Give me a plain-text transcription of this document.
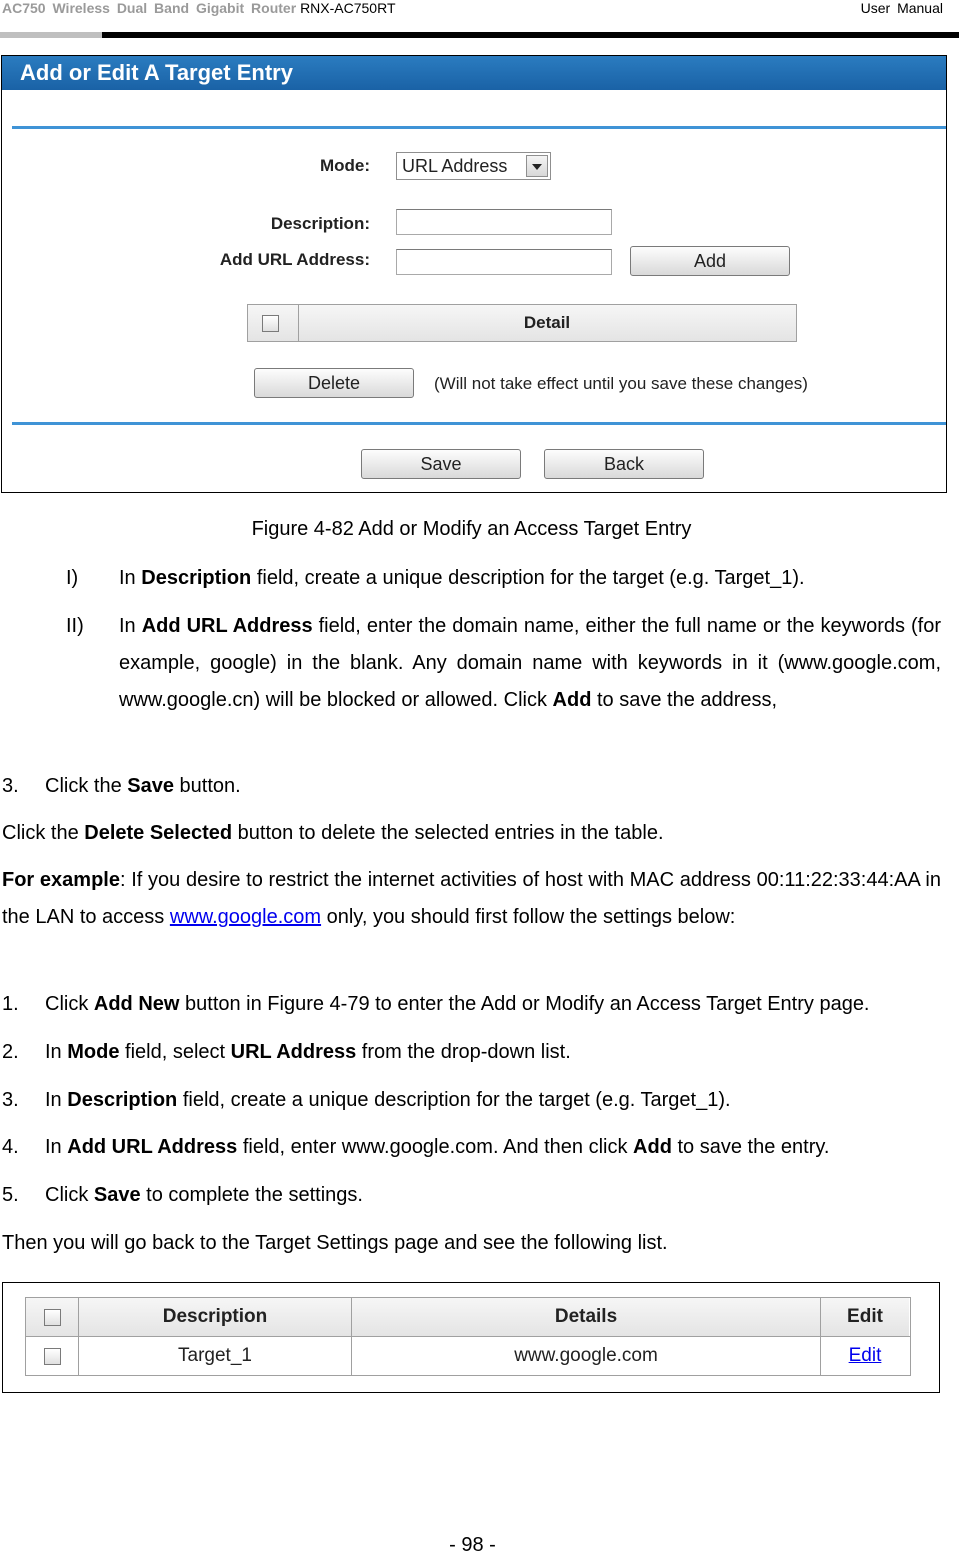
AC750 Wireless Dual Band Gigabit Router RNX-AC750RT	User Manual
Add or Edit A Target Entry
Mode:	URL Address
Description:
Add URL Address:	Add
Detail
Delete	(Will not take effect until you save these changes)
Save	Back
Figure 4-82 Add or Modify an Access Target Entry
I) In Description field, create a unique description for the target (e.g. Target_1).
II) In Add URL Address field, enter the domain name, either the full name or the keywords (for example, google) in the blank. Any domain name with keywords in it (www.google.com, www.google.cn) will be blocked or allowed. Click Add to save the address,
3. Click the Save button.
Click the Delete Selected button to delete the selected entries in the table.
For example: If you desire to restrict the internet activities of host with MAC address 00:11:22:33:44:AA in the LAN to access www.google.com only, you should first follow the settings below:
1. Click Add New button in Figure 4-79 to enter the Add or Modify an Access Target Entry page.
2. In Mode field, select URL Address from the drop-down list.
3. In Description field, create a unique description for the target (e.g. Target_1).
4. In Add URL Address field, enter www.google.com. And then click Add to save the entry.
5. Click Save to complete the settings.
Then you will go back to the Target Settings page and see the following list.
Description	Details	Edit
Target_1	www.google.com	Edit
- 98 -
